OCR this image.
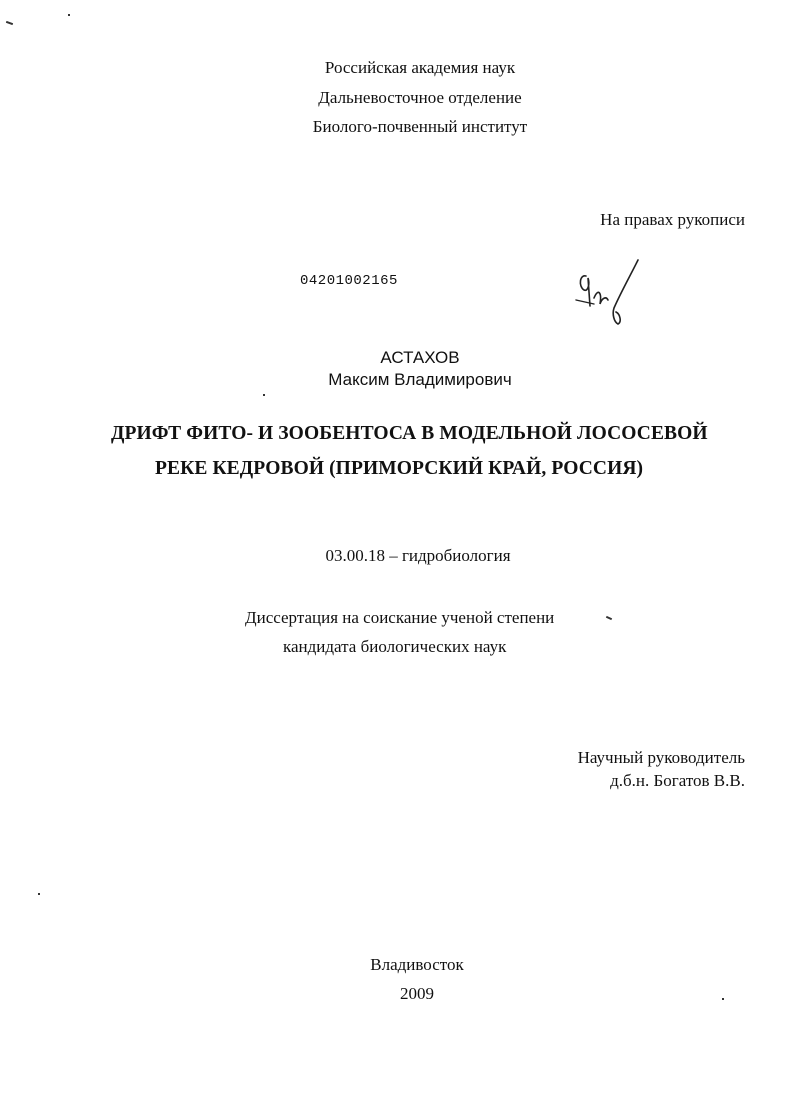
Российская академия наук
Дальневосточное отделение
Биолого-почвенный институт
На правах рукописи
04201002165
АСТАХОВ
Максим Владимирович
ДРИФТ ФИТО- И ЗООБЕНТОСА В МОДЕЛЬНОЙ ЛОСОСЕВОЙ
РЕКЕ КЕДРОВОЙ (ПРИМОРСКИЙ КРАЙ, РОССИЯ)
03.00.18 – гидробиология
Диссертация на соискание ученой степени
кандидата биологических наук
Научный руководитель
д.б.н. Богатов В.В.
Владивосток
2009
